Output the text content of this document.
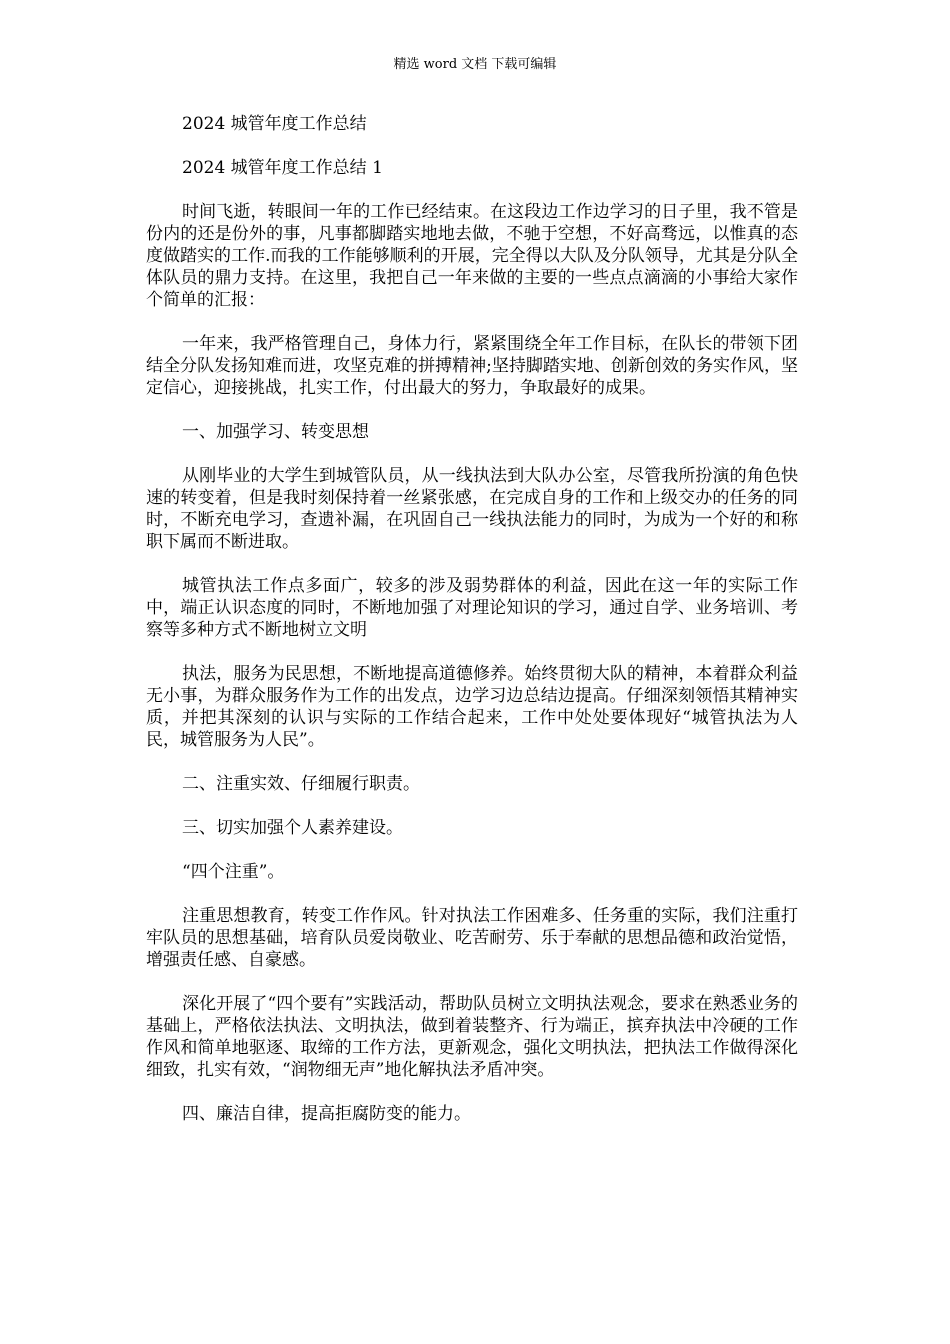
精选 word 文档 下载可编辑

2024 城管年度工作总结

2024 城管年度工作总结 1

时间飞逝，转眼间一年的工作已经结束。在这段边工作边学习的日子里，我不管是份内的还是份外的事，凡事都脚踏实地地去做，不驰于空想，不好高骛远，以惟真的态度做踏实的工作.而我的工作能够顺利的开展，完全得以大队及分队领导，尤其是分队全体队员的鼎力支持。在这里，我把自己一年来做的主要的一些点点滴滴的小事给大家作个简单的汇报：

一年来，我严格管理自己，身体力行，紧紧围绕全年工作目标，在队长的带领下团结全分队发扬知难而进，攻坚克难的拼搏精神;坚持脚踏实地、创新创效的务实作风，坚定信心，迎接挑战，扎实工作，付出最大的努力，争取最好的成果。

一、加强学习、转变思想

从刚毕业的大学生到城管队员，从一线执法到大队办公室，尽管我所扮演的角色快速的转变着，但是我时刻保持着一丝紧张感，在完成自身的工作和上级交办的任务的同时，不断充电学习，查遗补漏，在巩固自己一线执法能力的同时，为成为一个好的和称职下属而不断进取。

城管执法工作点多面广，较多的涉及弱势群体的利益，因此在这一年的实际工作中，端正认识态度的同时，不断地加强了对理论知识的学习，通过自学、业务培训、考察等多种方式不断地树立文明

执法，服务为民思想，不断地提高道德修养。始终贯彻大队的精神，本着群众利益无小事，为群众服务作为工作的出发点，边学习边总结边提高。仔细深刻领悟其精神实质，并把其深刻的认识与实际的工作结合起来，工作中处处要体现好“城管执法为人民，城管服务为人民”。

二、注重实效、仔细履行职责。

三、切实加强个人素养建设。

“四个注重”。

注重思想教育，转变工作作风。针对执法工作困难多、任务重的实际，我们注重打牢队员的思想基础，培育队员爱岗敬业、吃苦耐劳、乐于奉献的思想品德和政治觉悟，增强责任感、自豪感。

深化开展了“四个要有”实践活动，帮助队员树立文明执法观念，要求在熟悉业务的基础上，严格依法执法、文明执法，做到着装整齐、行为端正，摈弃执法中冷硬的工作作风和简单地驱逐、取缔的工作方法，更新观念，强化文明执法，把执法工作做得深化细致，扎实有效，“润物细无声”地化解执法矛盾冲突。

四、廉洁自律，提高拒腐防变的能力。
